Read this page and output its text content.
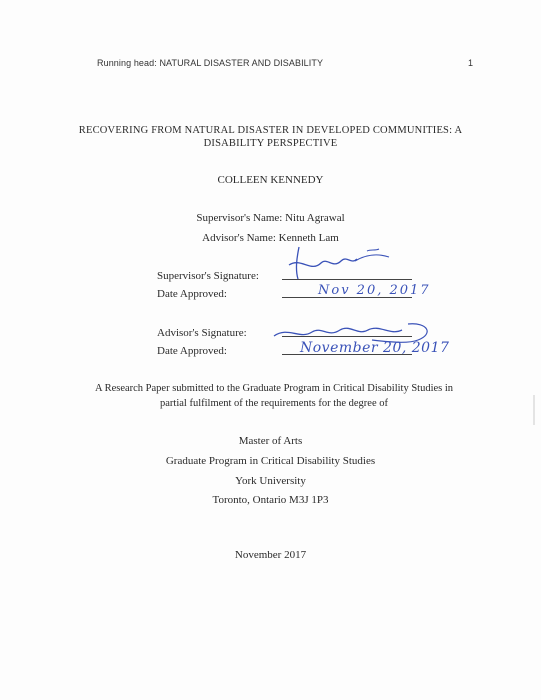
Running head: NATURAL DISASTER AND DISABILITY	1
RECOVERING FROM NATURAL DISASTER IN DEVELOPED COMMUNITIES: A
DISABILITY PERSPECTIVE
COLLEEN KENNEDY
Supervisor's Name: Nitu Agrawal
Advisor's Name: Kenneth Lam
Supervisor's Signature:
Date Approved:	Nov 20, 2017
Advisor's Signature:
Date Approved:	November 20, 2017
A Research Paper submitted to the Graduate Program in Critical Disability Studies in
partial fulfilment of the requirements for the degree of
Master of Arts
Graduate Program in Critical Disability Studies
York University
Toronto, Ontario M3J 1P3
November 2017
